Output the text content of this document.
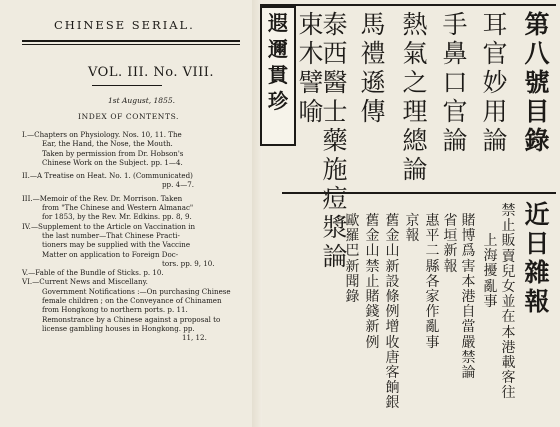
CHINESE SERIAL.
VOL. III. No. VIII.
1st August, 1855.
INDEX OF CONTENTS.
I.—Chapters on Physiology. Nos. 10, 11. The
Ear, the Hand, the Nose, the Mouth.
Taken by permission from Dr. Hobson's
Chinese Work on the Subject. pp. 1—4.
II.—A Treatise on Heat. No. 1. (Communicated)
pp. 4—7.
III.—Memoir of the Rev. Dr. Morrison. Taken
from "The Chinese and Western Almanac"
for 1853, by the Rev. Mr. Edkins. pp. 8, 9.
IV.—Supplement to the Article on Vaccination in
the last number—That Chinese Practi-
tioners may be supplied with the Vaccine
Matter on application to Foreign Doc-
tors. pp. 9, 10.
V.—Fable of the Bundle of Sticks. p. 10.
VI.—Current News and Miscellany.
Government Notifications :—On purchasing Chinese
female children ; on the Conveyance of Chinamen
from Hongkong to northern ports. p. 11.
Remonstrance by a Chinese against a proposal to
license gambling houses in Hongkong. pp.
11, 12.
遐
邇
貫
珍
第
八
號
目
錄
耳
官
妙
用
論
手
鼻
口
官
論
熱
氣
之
理
總
論
馬
禮
遜
傳
泰
西
醫
士
藥
施
痘
漿
論
束
木
譬
喻
近
日
雜
報
禁
止
販
賣
兒
女
並
在
本
港
載
客
往
上
海
擾
亂
事
賭
博
爲
害
本
港
自
當
嚴
禁
論
省
垣
新
報
惠
平
二
縣
各
家
作
亂
事
京
報
舊
金
山
新
設
條
例
增
收
唐
客
餉
銀
舊
金
山
禁
止
賭
錢
新
例
歐
羅
巴
新
聞
錄
